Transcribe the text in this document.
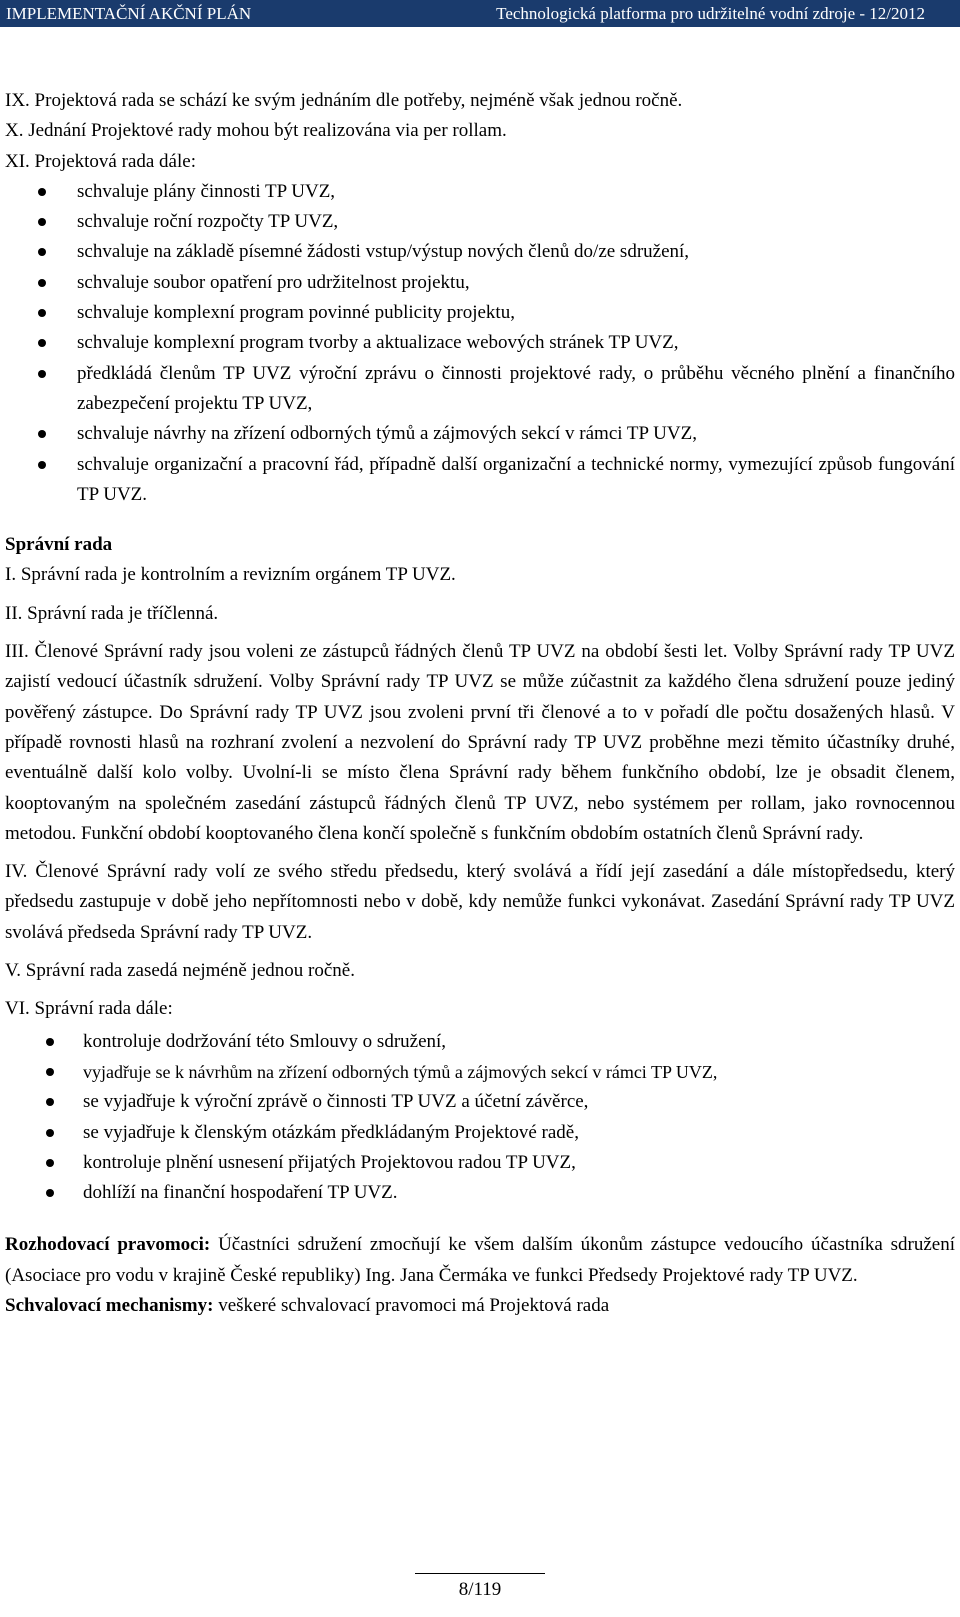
IMPLEMENTAČNÍ AKČNÍ PLÁN	Technologická platforma pro udržitelné vodní zdroje - 12/2012

IX. Projektová rada se schází ke svým jednáním dle potřeby, nejméně však jednou ročně.

X. Jednání Projektové rady mohou být realizována via per rollam.

XI. Projektová rada dále:

schvaluje plány činnosti TP UVZ,
schvaluje roční rozpočty TP UVZ,
schvaluje na základě písemné žádosti vstup/výstup nových členů do/ze sdružení,
schvaluje soubor opatření pro udržitelnost projektu,
schvaluje komplexní program povinné publicity projektu,
schvaluje komplexní program tvorby a aktualizace webových stránek TP UVZ,
předkládá členům TP UVZ výroční zprávu o činnosti projektové rady, o průběhu věcného plnění a finančního zabezpečení projektu TP UVZ,
schvaluje návrhy na zřízení odborných týmů a zájmových sekcí v rámci TP UVZ,
schvaluje organizační a pracovní řád, případně další organizační a technické normy, vymezující způsob fungování TP UVZ.

Správní rada

I. Správní rada je kontrolním a revizním orgánem TP UVZ.

II. Správní rada je tříčlenná.

III. Členové Správní rady jsou voleni ze zástupců řádných členů TP UVZ na období šesti let. Volby Správní rady TP UVZ zajistí vedoucí účastník sdružení. Volby Správní rady TP UVZ se může zúčastnit za každého člena sdružení pouze jediný pověřený zástupce. Do Správní rady TP UVZ jsou zvoleni první tři členové a to v pořadí dle počtu dosažených hlasů. V případě rovnosti hlasů na rozhraní zvolení a nezvolení do Správní rady TP UVZ proběhne mezi těmito účastníky druhé, eventuálně další kolo volby. Uvolní-li se místo člena Správní rady během funkčního období, lze je obsadit členem, kooptovaným na společném zasedání zástupců řádných členů TP UVZ, nebo systémem per rollam, jako rovnocennou metodou. Funkční období kooptovaného člena končí společně s funkčním obdobím ostatních členů Správní rady.

IV. Členové Správní rady volí ze svého středu předsedu, který svolává a řídí její zasedání a dále místopředsedu, který předsedu zastupuje v době jeho nepřítomnosti nebo v době, kdy nemůže funkci vykonávat. Zasedání Správní rady TP UVZ svolává předseda Správní rady TP UVZ.

V. Správní rada zasedá nejméně jednou ročně.

VI. Správní rada dále:

kontroluje dodržování této Smlouvy o sdružení,
vyjadřuje se k návrhům na zřízení odborných týmů a zájmových sekcí v rámci TP UVZ,
se vyjadřuje k výroční zprávě o činnosti TP UVZ a účetní závěrce,
se vyjadřuje k členským otázkám předkládaným Projektové radě,
kontroluje plnění usnesení přijatých Projektovou radou TP UVZ,
dohlíží na finanční hospodaření TP UVZ.

Rozhodovací pravomoci: Účastníci sdružení zmocňují ke všem dalším úkonům zástupce vedoucího účastníka sdružení (Asociace pro vodu v krajině České republiky) Ing. Jana Čermáka ve funkci Předsedy Projektové rady TP UVZ.

Schvalovací mechanismy: veškeré schvalovací pravomoci má Projektová rada

8/119
